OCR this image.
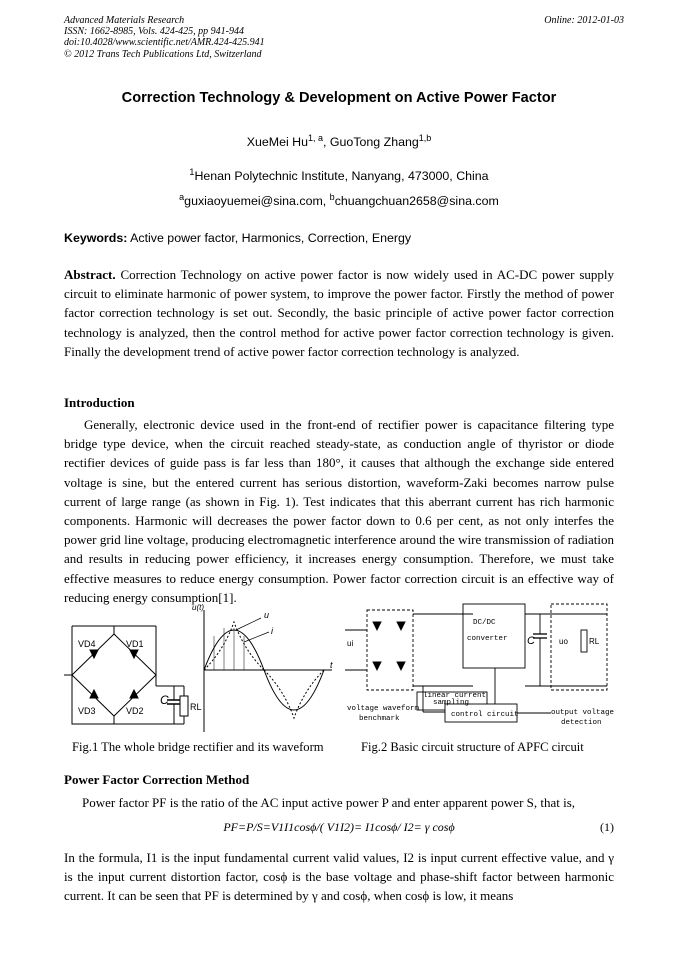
Advanced Materials Research
ISSN: 1662-8985, Vols. 424-425, pp 941-944
doi:10.4028/www.scientific.net/AMR.424-425.941
© 2012 Trans Tech Publications Ltd, Switzerland
Online: 2012-01-03
Correction Technology & Development on Active Power Factor
XueMei Hu$^{1, a}$, GuoTong Zhang$^{1,b}$
$^1$Henan Polytechnic Institute, Nanyang, 473000, China
$^a$guxiaoyuemei@sina.com, $^b$chuangchuan2658@sina.com
Keywords: Active power factor, Harmonics, Correction, Energy
Abstract. Correction Technology on active power factor is now widely used in AC-DC power supply circuit to eliminate harmonic of power system, to improve the power factor. Firstly the method of power factor correction technology is set out. Secondly, the basic principle of active power factor correction technology is analyzed, then the control method for active power factor correction technology is given. Finally the development trend of active power factor correction technology is analyzed.
Introduction
Generally, electronic device used in the front-end of rectifier power is capacitance filtering type bridge type device, when the circuit reached steady-state, as conduction angle of thyristor or diode rectifier devices of guide pass is far less than 180°, it causes that although the exchange side entered voltage is sine, but the entered current has serious distortion, waveform-Zaki becomes narrow pulse current of large range (as shown in Fig. 1). Test indicates that this aberrant current has rich harmonic components. Harmonic will decreases the power factor down to 0.6 per cent, as not only interfes the power grid line voltage, producing electromagnetic interference around the wire transmission of radiation and results in reducing power efficiency, it increases energy consumption. Therefore, we must take effective measures to reduce energy consumption. Power factor correction circuit is an effective way of reducing energy consumption[1].
VD4	VD1
VD3	VD2
C RL
u(t)
u
i
t
DC/DC
converter C
ui	uo	RL
linear current
sampling
voltage waveform
benchmark	control circuit	output voltage
detection
Fig.1 The whole bridge rectifier and its waveform	Fig.2 Basic circuit structure of APFC circuit
Power Factor Correction Method
Power factor PF is the ratio of the AC input active power P and enter apparent power S, that is,
PF=P/S=V1I1cosϕ/( V1I2)= I1cosϕ/ I2= γ cosϕ	(1)
In the formula, I1 is the input fundamental current valid values, I2 is input current effective value, and γ is the input current distortion factor, cosϕ is the base voltage and phase-shift factor between harmonic current. It can be seen that PF is determined by γ and cosϕ, when cosϕ is low, it means
